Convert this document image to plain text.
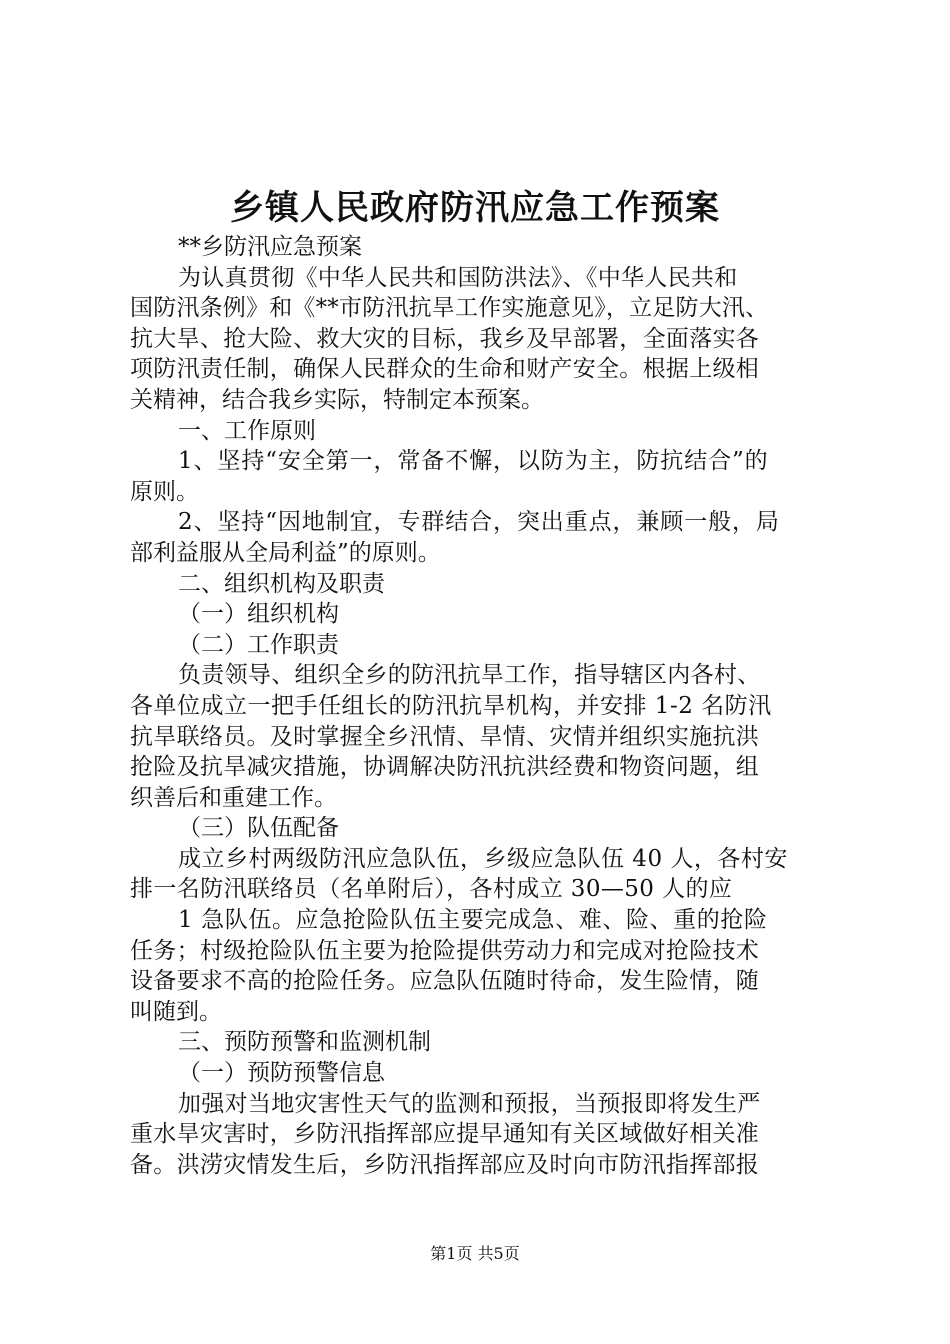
乡镇人民政府防汛应急工作预案

**乡防汛应急预案

为认真贯彻《中华人民共和国防洪法》、《中华人民共和

国防汛条例》和《**市防汛抗旱工作实施意见》，立足防大汛、

抗大旱、抢大险、救大灾的目标，我乡及早部署，全面落实各

项防汛责任制，确保人民群众的生命和财产安全。根据上级相

关精神，结合我乡实际，特制定本预案。

一、工作原则

1、坚持“安全第一，常备不懈，以防为主，防抗结合”的

原则。

2、坚持“因地制宜，专群结合，突出重点，兼顾一般，局

部利益服从全局利益”的原则。

二、组织机构及职责

（一）组织机构

（二）工作职责

负责领导、组织全乡的防汛抗旱工作，指导辖区内各村、

各单位成立一把手任组长的防汛抗旱机构，并安排 1-2 名防汛

抗旱联络员。及时掌握全乡汛情、旱情、灾情并组织实施抗洪

抢险及抗旱减灾措施，协调解决防汛抗洪经费和物资问题，组

织善后和重建工作。

（三）队伍配备

成立乡村两级防汛应急队伍，乡级应急队伍 40 人，各村安

排一名防汛联络员（名单附后），各村成立 30—50 人的应

1 急队伍。应急抢险队伍主要完成急、难、险、重的抢险

任务；村级抢险队伍主要为抢险提供劳动力和完成对抢险技术

设备要求不高的抢险任务。应急队伍随时待命，发生险情，随

叫随到。

三、预防预警和监测机制

（一）预防预警信息

加强对当地灾害性天气的监测和预报，当预报即将发生严

重水旱灾害时，乡防汛指挥部应提早通知有关区域做好相关准

备。洪涝灾情发生后，乡防汛指挥部应及时向市防汛指挥部报

第1页 共5页
